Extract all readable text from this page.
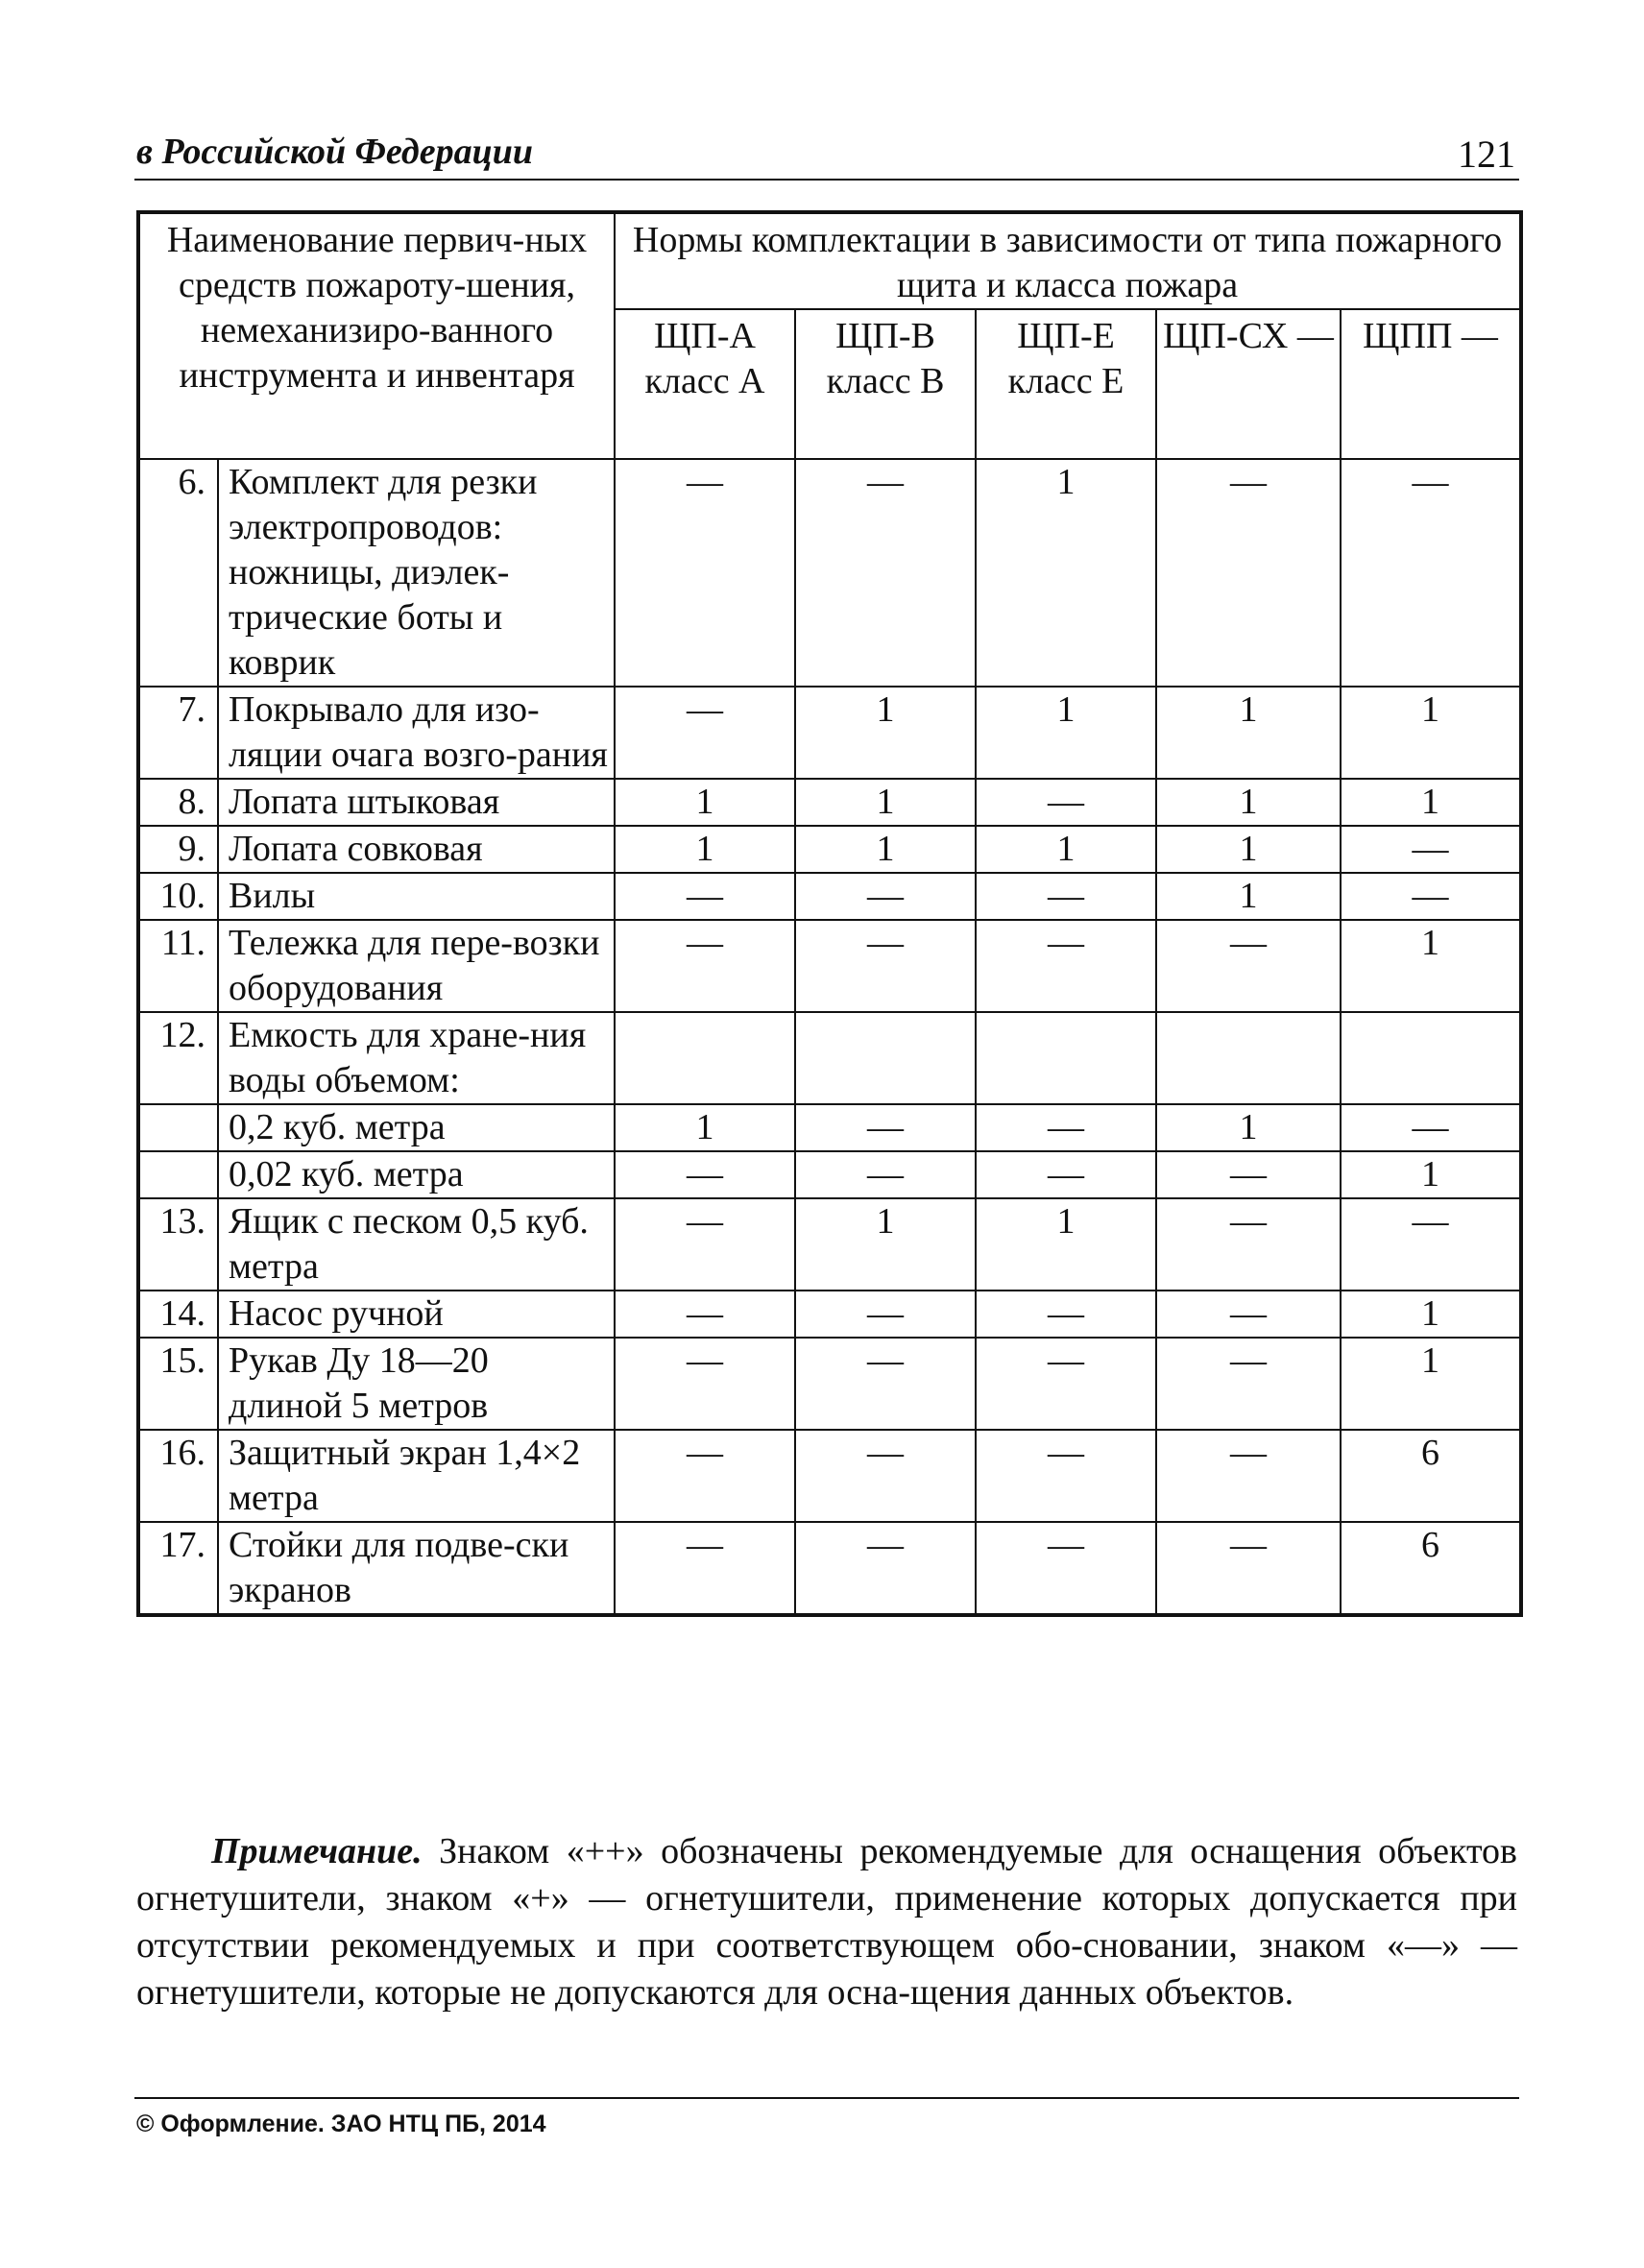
в Российской Федерации	121
Наименование первич-ных средств пожароту-шения, немеханизиро-ванного инструмента и инвентаря		Нормы комплектации в зависимости от типа пожарного щита и класса пожара				
		ЩП-А класс А	ЩП-В класс В	ЩП-Е класс Е	ЩП-СХ —	ЩПП —
6.	Комплект для резки электропроводов: ножницы, диэлек-трические боты и коврик	—	—	1	—	—
7.	Покрывало для изо-ляции очага возго-рания	—	1	1	1	1
8.	Лопата штыковая	1	1	—	1	1
9.	Лопата совковая	1	1	1	1	—
10.	Вилы	—	—	—	1	—
11.	Тележка для пере-возки оборудования	—	—	—	—	1
12.	Емкость для хране-ния воды объемом:					
	0,2 куб. метра	1	—	—	1	—
	0,02 куб. метра	—	—	—	—	1
13.	Ящик с песком 0,5 куб. метра	—	1	1	—	—
14.	Насос ручной	—	—	—	—	1
15.	Рукав Ду 18—20 длиной 5 метров	—	—	—	—	1
16.	Защитный экран 1,4×2 метра	—	—	—	—	6
17.	Стойки для подве-ски экранов	—	—	—	—	6
Примечание. Знаком «++» обозначены рекомендуемые для оснащения объектов огнетушители, знаком «+» — огнетушители, применение которых допускается при отсутствии рекомендуемых и при соответствующем обо-сновании, знаком «—» — огнетушители, которые не допускаются для осна-щения данных объектов.
© Оформление. ЗАО НТЦ ПБ, 2014
